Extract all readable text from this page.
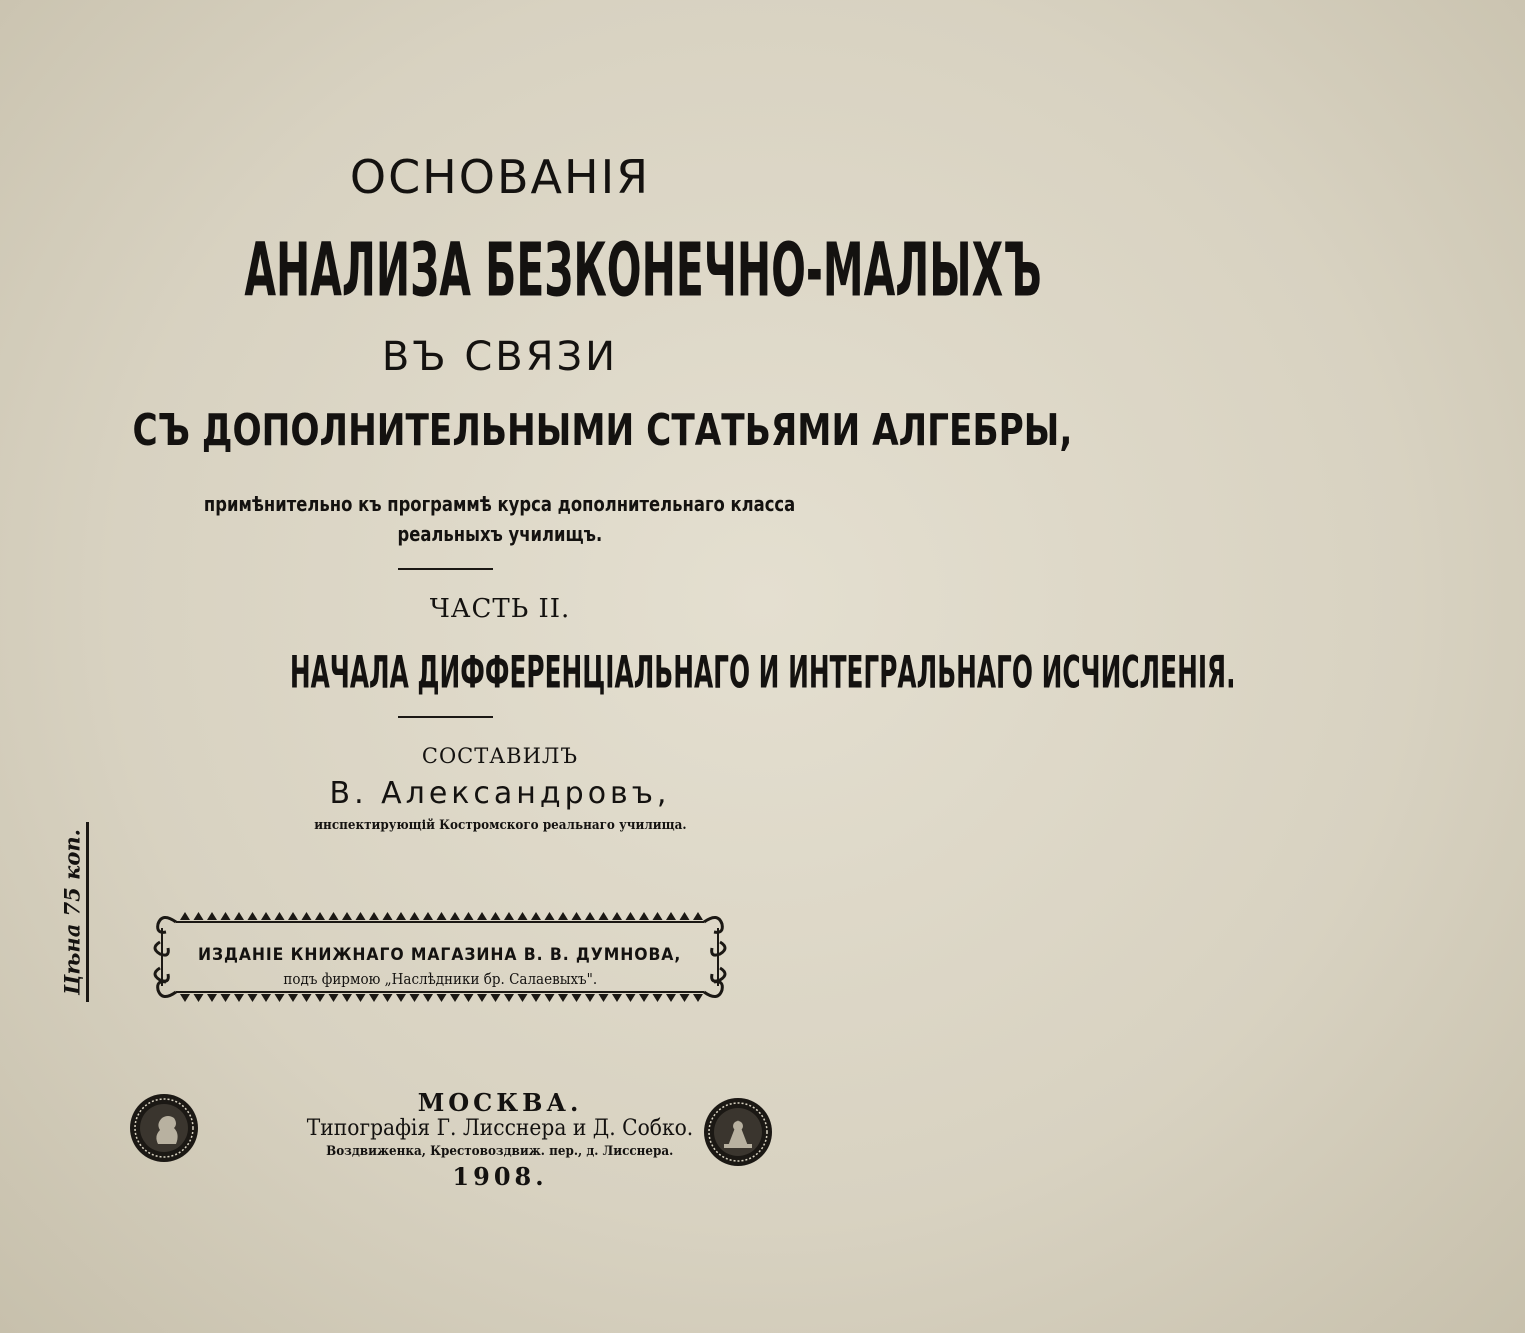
ОСНОВАНІЯ
АНАЛИЗА БЕЗКОНЕЧНО-МАЛЫХЪ
ВЪ СВЯЗИ
СЪ ДОПОЛНИТЕЛЬНЫМИ СТАТЬЯМИ АЛГЕБРЫ,
примѣнительно къ программѣ курса дополнительнаго класса
реальныхъ училищъ.
ЧАСТЬ II.
НАЧАЛА ДИФФЕРЕНЦІАЛЬНАГО И ИНТЕГРАЛЬНАГО ИСЧИСЛЕНІЯ.
СОСТАВИЛЪ
В. Александровъ,
инспектирующій Костромского реальнаго училища.
Цѣна 75 коп.	ИЗДАНІЕ КНИЖНАГО МАГАЗИНА В. В. ДУМНОВА,
подъ фирмою „Наслѣдники бр. Салаевыхъ".
МОСКВА.
Типографія Г. Лисснера и Д. Собко.
Воздвиженка, Крестовоздвиж. пер., д. Лисснера.
1908.
